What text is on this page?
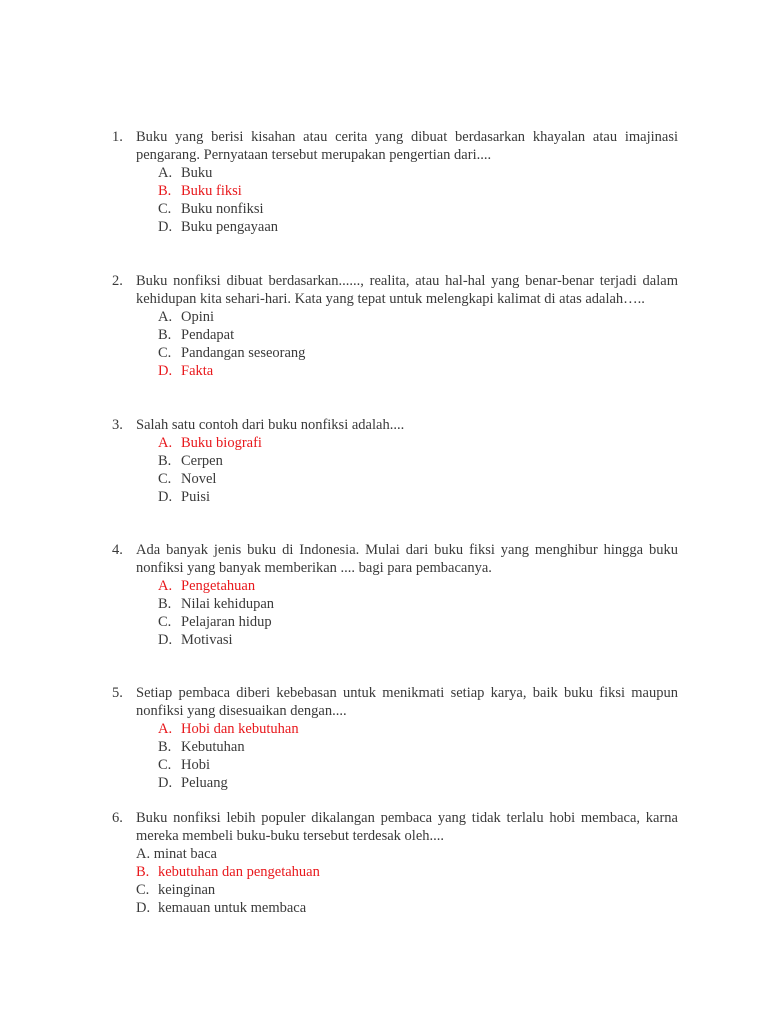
1. Buku yang berisi kisahan atau cerita yang dibuat berdasarkan khayalan atau imajinasi pengarang. Pernyataan tersebut merupakan pengertian dari....
A. Buku
B. Buku fiksi
C. Buku nonfiksi
D. Buku pengayaan
2. Buku nonfiksi dibuat berdasarkan......, realita, atau hal-hal yang benar-benar terjadi dalam kehidupan kita sehari-hari. Kata yang tepat untuk melengkapi kalimat di atas adalah…..
A. Opini
B. Pendapat
C. Pandangan seseorang
D. Fakta
3. Salah satu contoh dari buku nonfiksi adalah....
A. Buku biografi
B. Cerpen
C. Novel
D. Puisi
4. Ada banyak jenis buku di Indonesia. Mulai dari buku fiksi yang menghibur hingga buku nonfiksi yang banyak memberikan .... bagi para pembacanya.
A. Pengetahuan
B. Nilai kehidupan
C. Pelajaran hidup
D. Motivasi
5. Setiap pembaca diberi kebebasan untuk menikmati setiap karya, baik buku fiksi maupun nonfiksi yang disesuaikan dengan....
A. Hobi dan kebutuhan
B. Kebutuhan
C. Hobi
D. Peluang
6. Buku nonfiksi lebih populer dikalangan pembaca yang tidak terlalu hobi membaca, karna mereka membeli buku-buku tersebut terdesak oleh....
A. minat baca
B. kebutuhan dan pengetahuan
C. keinginan
D. kemauan untuk membaca
